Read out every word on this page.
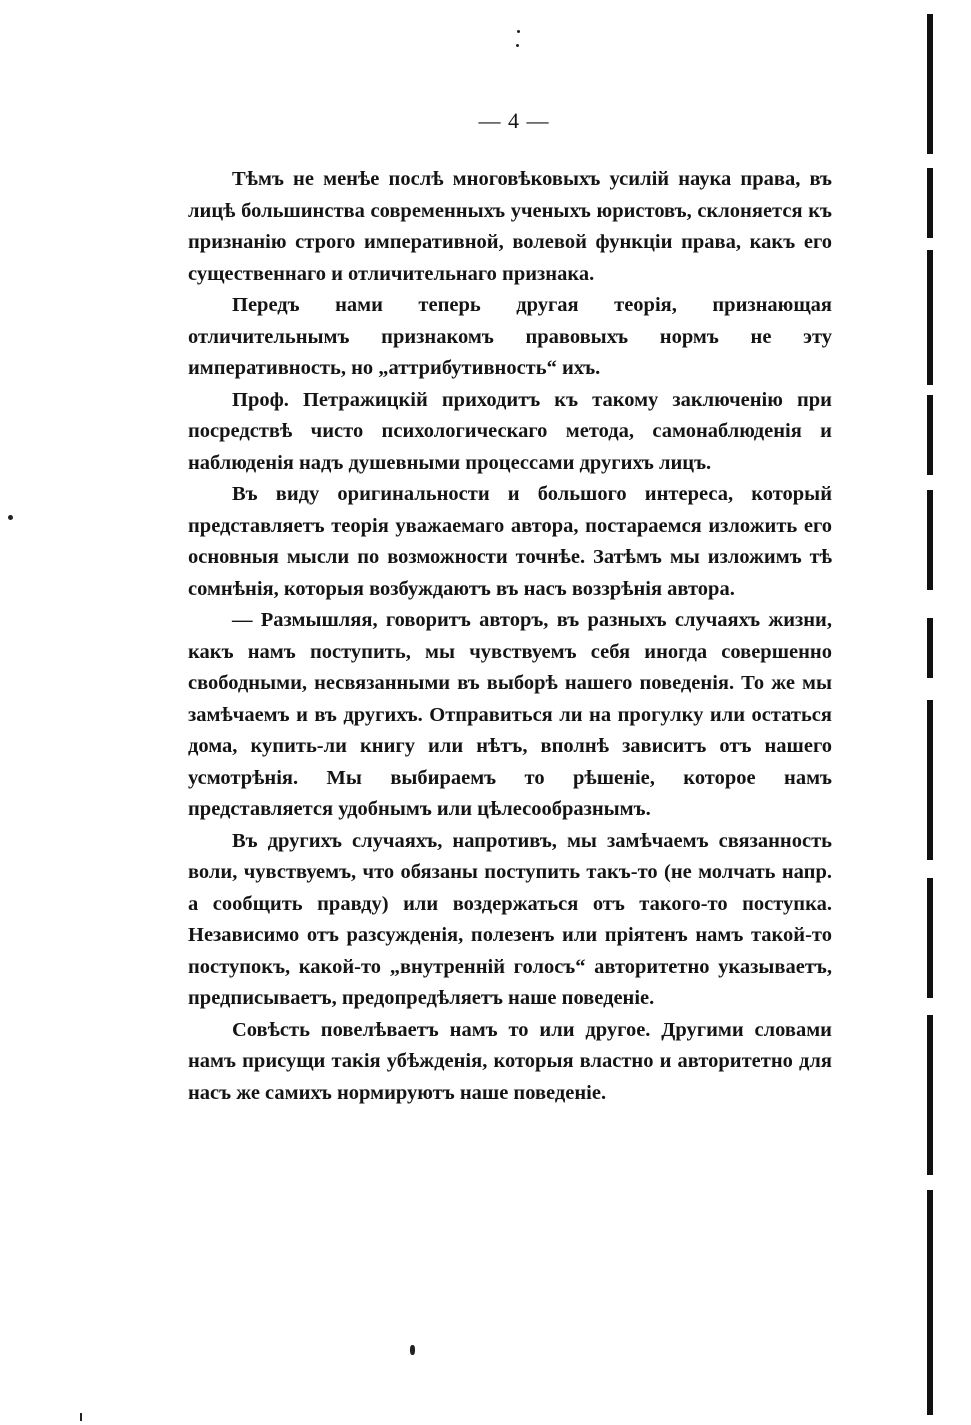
— 4 —

Тѣмъ не менѣе послѣ многовѣковыхъ усилій наука права, въ лицѣ большинства современныхъ ученыхъ юристовъ, склоняется къ признанію строго императивной, волевой функціи права, какъ его существеннаго и отличительнаго признака.

Передъ нами теперь другая теорія, признающая отличительнымъ признакомъ правовыхъ нормъ не эту императивность, но „аттрибутивность“ ихъ.

Проф. Петражицкій приходитъ къ такому заключенію при посредствѣ чисто психологическаго метода, самонаблюденія и наблюденія надъ душевными процессами другихъ лицъ.

Въ виду оригинальности и большого интереса, который представляетъ теорія уважаемаго автора, постараемся изложить его основныя мысли по возможности точнѣе. Затѣмъ мы изложимъ тѣ сомнѣнія, которыя возбуждаютъ въ насъ воззрѣнія автора.

— Размышляя, говоритъ авторъ, въ разныхъ случаяхъ жизни, какъ намъ поступить, мы чувствуемъ себя иногда совершенно свободными, несвязанными въ выборѣ нашего поведенія. То же мы замѣчаемъ и въ другихъ. Отправиться ли на прогулку или остаться дома, купить-ли книгу или нѣтъ, вполнѣ зависитъ отъ нашего усмотрѣнія. Мы выбираемъ то рѣшеніе, которое намъ представляется удобнымъ или цѣлесообразнымъ.

Въ другихъ случаяхъ, напротивъ, мы замѣчаемъ связанность воли, чувствуемъ, что обязаны поступить такъ-то (не молчать напр. а сообщить правду) или воздержаться отъ такого-то поступка. Независимо отъ разсужденія, полезенъ или пріятенъ намъ такой-то поступокъ, какой-то „внутренній голосъ“ авторитетно указываетъ, предписываетъ, предопредѣляетъ наше поведеніе.

Совѣсть повелѣваетъ намъ то или другое. Другими словами намъ присущи такія убѣжденія, которыя властно и авторитетно для насъ же самихъ нормируютъ наше поведеніе.
